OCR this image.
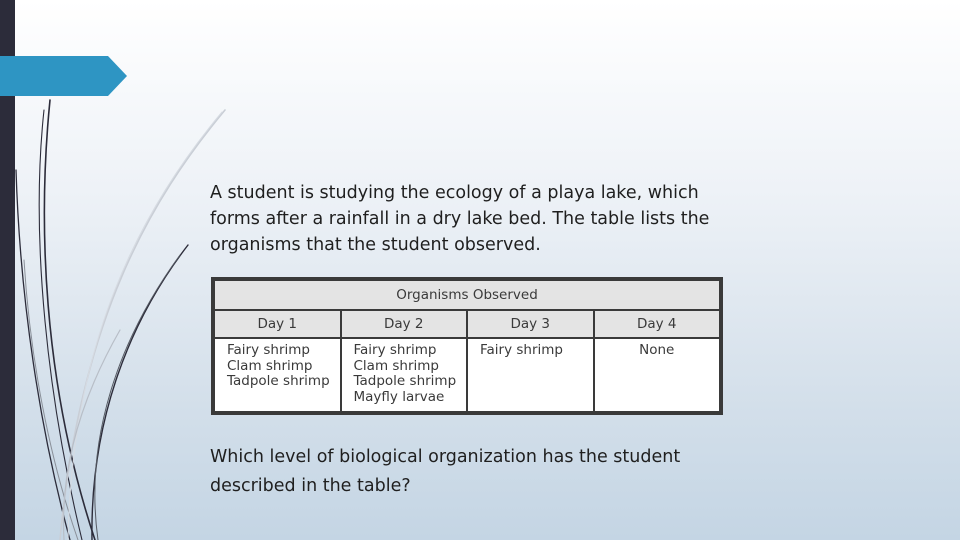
A student is studying the ecology of a playa lake, which forms after a rainfall in a dry lake bed. The table lists the organisms that the student observed.

Organisms Observed			
Day 1	Day 2	Day 3	Day 4

Fairy shrimp
Clam shrimp
Tadpole shrimp	Fairy shrimp
Clam shrimp
Tadpole shrimp
Mayfly larvae	Fairy shrimp	None

Which level of biological organization has the student described in the table?
